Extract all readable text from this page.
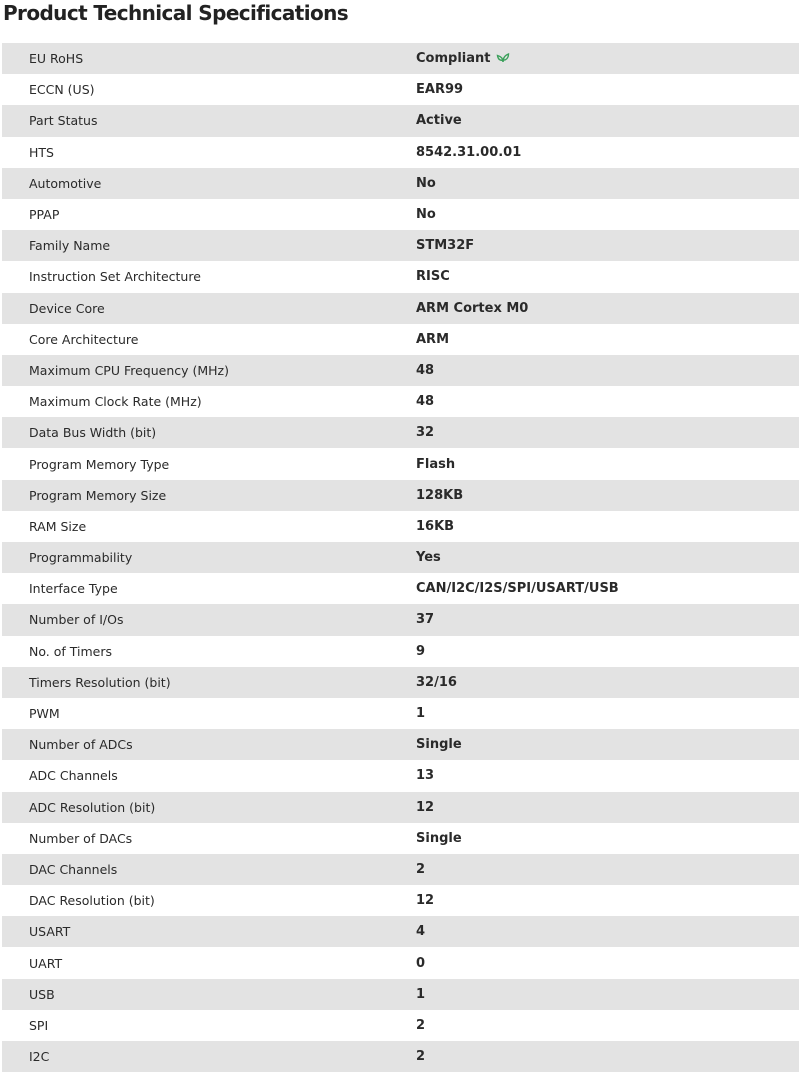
Product Technical Specifications
EU RoHS	Compliant
ECCN (US)	EAR99
Part Status	Active
HTS	8542.31.00.01
Automotive	No
PPAP	No
Family Name	STM32F
Instruction Set Architecture	RISC
Device Core	ARM Cortex M0
Core Architecture	ARM
Maximum CPU Frequency (MHz)	48
Maximum Clock Rate (MHz)	48
Data Bus Width (bit)	32
Program Memory Type	Flash
Program Memory Size	128KB
RAM Size	16KB
Programmability	Yes
Interface Type	CAN/I2C/I2S/SPI/USART/USB
Number of I/Os	37
No. of Timers	9
Timers Resolution (bit)	32/16
PWM	1
Number of ADCs	Single
ADC Channels	13
ADC Resolution (bit)	12
Number of DACs	Single
DAC Channels	2
DAC Resolution (bit)	12
USART	4
UART	0
USB	1
SPI	2
I2C	2
